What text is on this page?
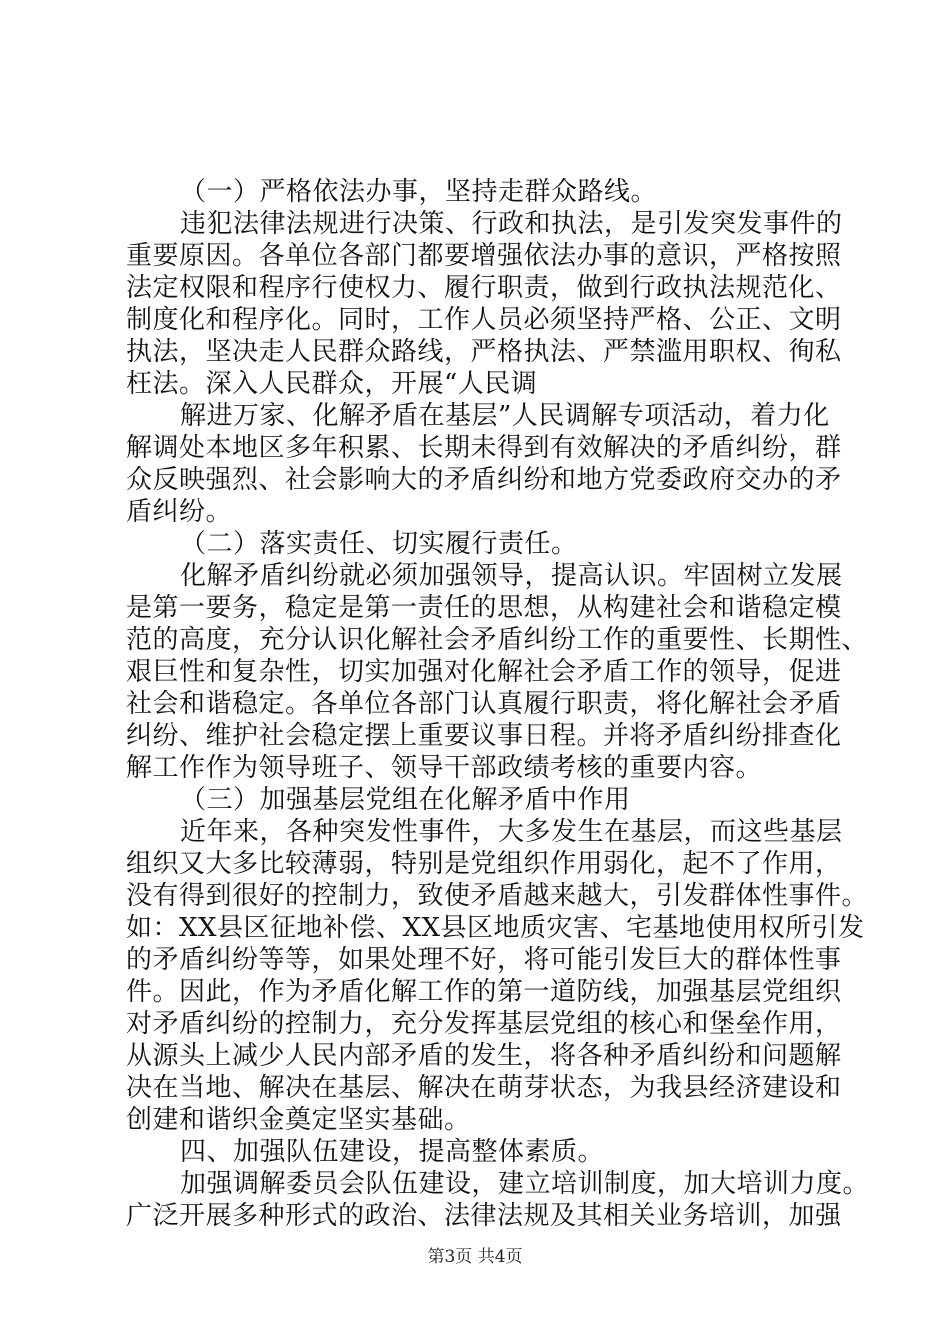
（一）严格依法办事，坚持走群众路线。
违犯法律法规进行决策、行政和执法，是引发突发事件的
重要原因。各单位各部门都要增强依法办事的意识，严格按照
法定权限和程序行使权力、履行职责，做到行政执法规范化、
制度化和程序化。同时，工作人员必须坚持严格、公正、文明
执法，坚决走人民群众路线，严格执法、严禁滥用职权、徇私
枉法。深入人民群众，开展“人民调
解进万家、化解矛盾在基层”人民调解专项活动，着力化
解调处本地区多年积累、长期未得到有效解决的矛盾纠纷，群
众反映强烈、社会影响大的矛盾纠纷和地方党委政府交办的矛
盾纠纷。
（二）落实责任、切实履行责任。
化解矛盾纠纷就必须加强领导，提高认识。牢固树立发展
是第一要务，稳定是第一责任的思想，从构建社会和谐稳定模
范的高度，充分认识化解社会矛盾纠纷工作的重要性、长期性、
艰巨性和复杂性，切实加强对化解社会矛盾工作的领导，促进
社会和谐稳定。各单位各部门认真履行职责，将化解社会矛盾
纠纷、维护社会稳定摆上重要议事日程。并将矛盾纠纷排查化
解工作作为领导班子、领导干部政绩考核的重要内容。
（三）加强基层党组在化解矛盾中作用
近年来，各种突发性事件，大多发生在基层，而这些基层
组织又大多比较薄弱，特别是党组织作用弱化，起不了作用，
没有得到很好的控制力，致使矛盾越来越大，引发群体性事件。
如：XX县区征地补偿、XX县区地质灾害、宅基地使用权所引发
的矛盾纠纷等等，如果处理不好，将可能引发巨大的群体性事
件。因此，作为矛盾化解工作的第一道防线，加强基层党组织
对矛盾纠纷的控制力，充分发挥基层党组的核心和堡垒作用，
从源头上减少人民内部矛盾的发生，将各种矛盾纠纷和问题解
决在当地、解决在基层、解决在萌芽状态，为我县经济建设和
创建和谐织金奠定坚实基础。
四、加强队伍建设，提高整体素质。
加强调解委员会队伍建设，建立培训制度，加大培训力度。
广泛开展多种形式的政治、法律法规及其相关业务培训，加强
第3页 共4页
